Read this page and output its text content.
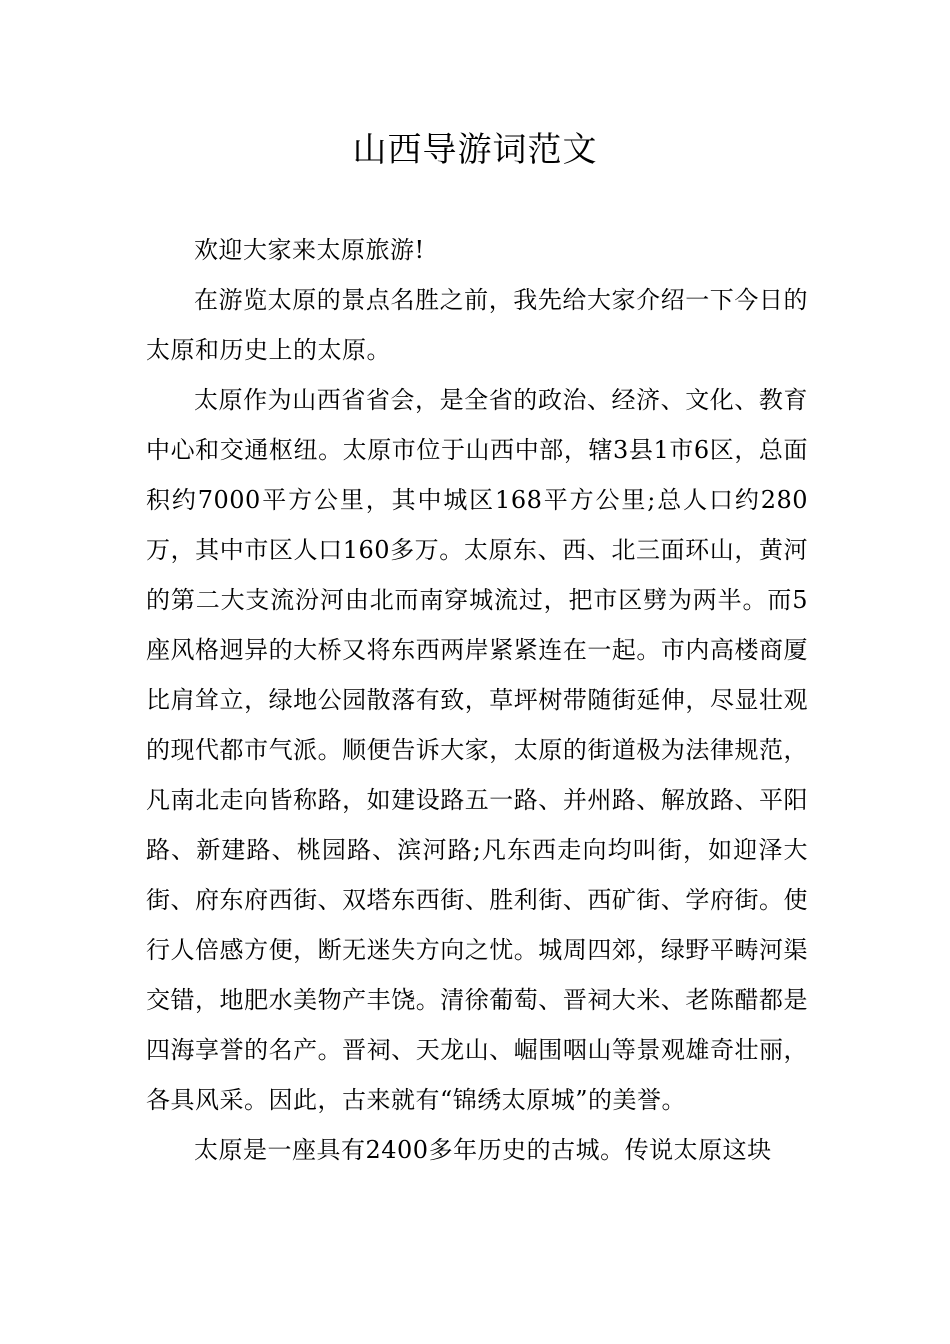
山西导游词范文

欢迎大家来太原旅游!

在游览太原的景点名胜之前，我先给大家介绍一下今日的太原和历史上的太原。

太原作为山西省省会，是全省的政治、经济、文化、教育中心和交通枢纽。太原市位于山西中部，辖3县1市6区，总面积约7000平方公里，其中城区168平方公里;总人口约280万，其中市区人口160多万。太原东、西、北三面环山，黄河的第二大支流汾河由北而南穿城流过，把市区劈为两半。而5座风格迥异的大桥又将东西两岸紧紧连在一起。市内高楼商厦比肩耸立，绿地公园散落有致，草坪树带随街延伸，尽显壮观的现代都市气派。顺便告诉大家，太原的街道极为法律规范，凡南北走向皆称路，如建设路五一路、并州路、解放路、平阳路、新建路、桃园路、滨河路;凡东西走向均叫街，如迎泽大街、府东府西街、双塔东西街、胜利街、西矿街、学府街。使行人倍感方便，断无迷失方向之忧。城周四郊，绿野平畴河渠交错，地肥水美物产丰饶。清徐葡萄、晋祠大米、老陈醋都是四海享誉的名产。晋祠、天龙山、崛围咽山等景观雄奇壮丽，各具风采。因此，古来就有“锦绣太原城”的美誉。

太原是一座具有2400多年历史的古城。传说太原这块
